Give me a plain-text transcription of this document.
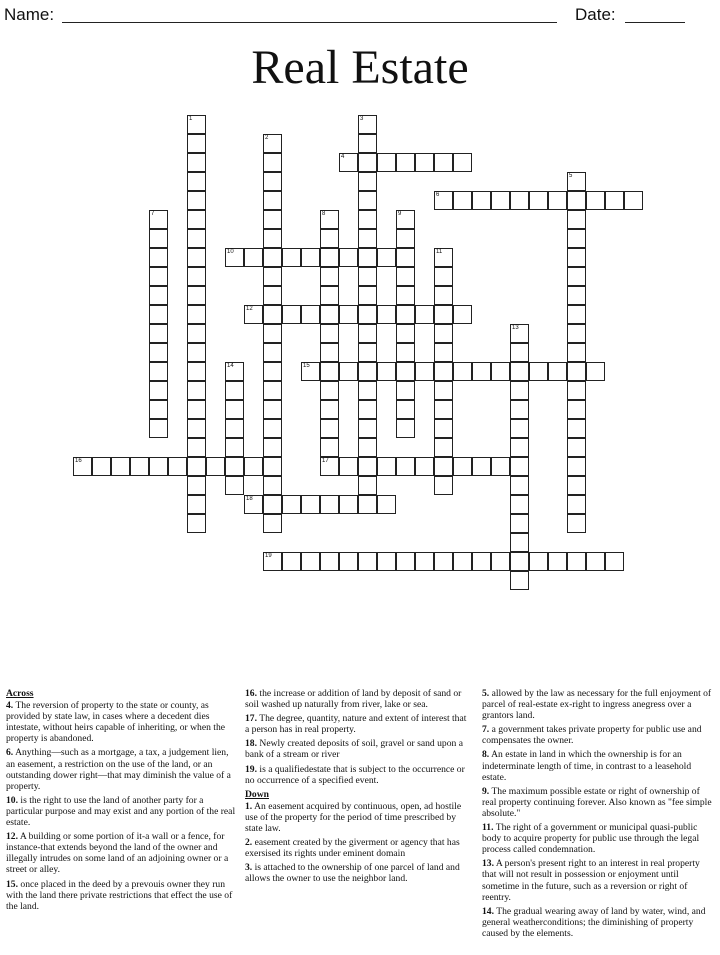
Name:	Date:
Real Estate
1
2
3
4
5
6
7	8	9
10	11
12
13
14	15
16	17
18
19
Across
4. The reversion of property to the state or county, as provided by state law, in cases where a decedent dies intestate, without heirs capable of inheriting, or when the property is abandoned.
6. Anything—such as a mortgage, a tax, a judgement lien, an easement, a restriction on the use of the land, or an outstanding dower right—that may diminish the value of a property.
10. is the right to use the land of another party for a particular purpose and may exist and any portion of the real estate.
12. A building or some portion of it-a wall or a fence, for instance-that extends beyond the land of the owner and illegally intrudes on some land of an adjoining owner or a street or alley.
15. once placed in the deed by a prevouis owner they run with the land there private restrictions that effect the use of the land.
16. the increase or addition of land by deposit of sand or soil washed up naturally from river, lake or sea.
17. The degree, quantity, nature and extent of interest that a person has in real property.
18. Newly created deposits of soil, gravel or sand upon a bank of a stream or river
19. is a qualifiedestate that is subject to the occurrence or no occurrence of a specified event.
Down
1. An easement acquired by continuous, open, ad hostile use of the property for the period of time prescribed by state law.
2. easement created by the giverment or agency that has exersised its rights under eminent domain
3. is attached to the ownership of one parcel of land and allows the owner to use the neighbor land.
5. allowed by the law as necessary for the full enjoyment of parcel of real-estate ex-right to ingress anegress over a grantors land.
7. a government takes private property for public use and compensates the owner.
8. An estate in land in which the ownership is for an indeterminate length of time, in contrast to a leasehold estate.
9. The maximum possible estate or right of ownership of real property continuing forever. Also known as "fee simple absolute."
11. The right of a government or municipal quasi-public body to acquire property for public use through the legal process called condemnation.
13. A person's present right to an interest in real property that will not result in possession or enjoyment until sometime in the future, such as a reversion or right of reentry.
14. The gradual wearing away of land by water, wind, and general weatherconditions; the diminishing of property caused by the elements.
